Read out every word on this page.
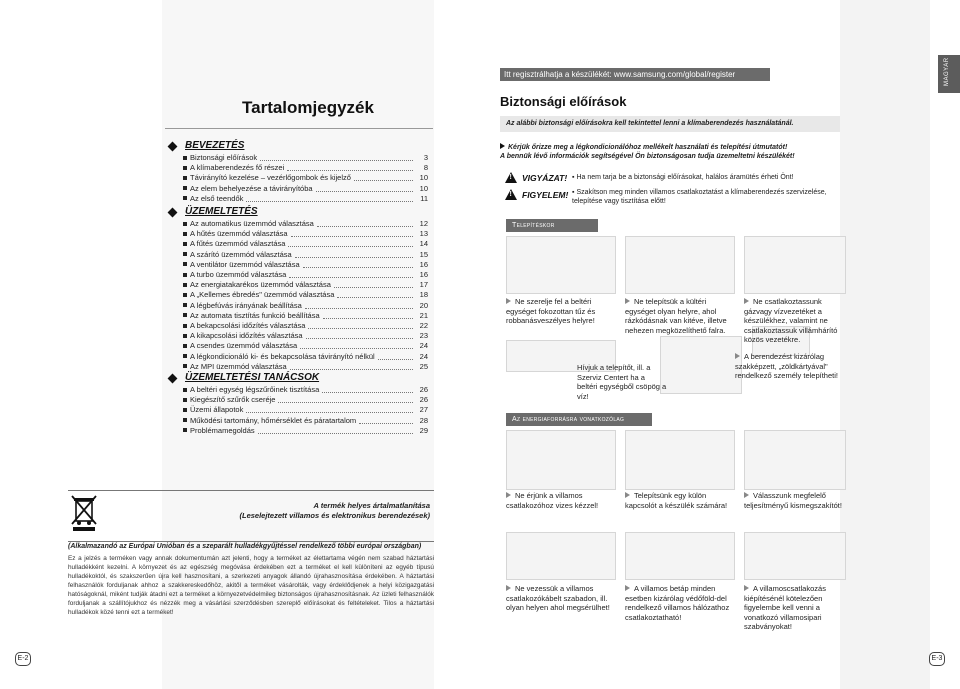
Tartalomjegyzék
BEVEZETÉS
Biztonsági előírások	3
A klímaberendezés fő részei	8
Távirányító kezelése – vezérlőgombok és kijelző	10
Az elem behelyezése a távirányítóba	10
Az első teendők	11
ÜZEMELTETÉS
Az automatikus üzemmód választása	12
A hűtés üzemmód választása	13
A fűtés üzemmód választása	14
A szárító üzemmód választása	15
A ventilátor üzemmód választása	16
A turbo üzemmód választása	16
Az energiatakarékos üzemmód választása	17
A „Kellemes ébredés" üzemmód választása	18
A légbefúvás irányának beállítása	20
Az automata tisztítás funkció beállítása	21
A bekapcsolási időzítés választása	22
A kikapcsolási időzítés választása	23
A csendes üzemmód választása	24
A légkondicionáló ki- és bekapcsolása távirányító nélkül	24
Az MPI üzemmód választása	25
ÜZEMELTETÉSI TANÁCSOK
A beltéri egység légszűrőinek tisztítása	26
Kiegészítő szűrők cseréje	26
Üzemi állapotok	27
Működési tartomány, hőmérséklet és páratartalom	28
Problémamegoldás	29
A termék helyes ártalmatlanítása
(Leselejtezett villamos és elektronikus berendezések)
(Alkalmazandó az Európai Unióban és a szeparált hulladékgyűjtéssel rendelkező többi európai országban)
Ez a jelzés a terméken vagy annak dokumentumán azt jelenti, hogy a terméket az élettartama végén nem szabad háztartási hulladékként kezelni. A környezet és az egészség megóvása érdekében ezt a terméket el kell különíteni az egyéb típusú hulladékoktól, és szakszerűen újra kell hasznosítani, a szerkezeti anyagok állandó újrahasznosítása érdekében. A háztartási felhasználók forduljanak ahhoz a szakkereskedőhöz, akitől a terméket vásárolták, vagy érdeklődjenek a helyi közigazgatási hatóságoknál, miként tudják átadni ezt a terméket a környezetvédelmileg biztonságos újrahasznosításnak. Az üzleti felhasználók forduljanak a szállítójukhoz és nézzék meg a vásárlási szerződésben szereplő előírásokat és feltételeket. Tilos a háztartási hulladékok közé tenni ezt a terméket!
Itt regisztrálhatja a készülékét: www.samsung.com/global/register
Biztonsági előírások
Az alábbi biztonsági előírásokra kell tekintettel lenni a klímaberendezés használatánál.
Kérjük őrizze meg a légkondicionálóhoz mellékelt használati és telepítési útmutatót!
A bennük lévő információk segítségével Ön biztonságosan tudja üzemeltetni készülékét!
! VIGYÁZAT! ▪ Ha nem tarja be a biztonsági előírásokat, halálos áramütés érheti Önt!
! FIGYELEM! ▪ Szakítson meg minden villamos csatlakoztatást a klímaberendezés szervizelése, telepítése vagy tisztítása előtt!
Telepítéskor
Ne szerelje fel a beltéri egységet fokozottan tűz és robbanásveszélyes helyre!
Ne telepítsük a kültéri egységet olyan helyre, ahol rázkódásnak van kitéve, illetve nehezen megközelíthető falra.
Ne csatlakoztassunk gázvagy vízvezetéket a készülékhez, valamint ne csatlakoztassuk villámhárító közös vezetékre.
Hívjuk a telepítőt, ill. a Szerviz Centert ha a beltéri egységből csöpög a víz!
A berendezést kizárólag szakképzett, „zöldkártyával" rendelkező személy telepítheti!
Az energiaforrásra vonatkozólag
Ne érjünk a villamos csatlakozóhoz vizes kézzel!
Telepítsünk egy külön kapcsolót a készülék számára!
Válasszunk megfelelő teljesítményű kismegszakítót!
Ne vezessük a villamos csatlakozókábelt szabadon, ill. olyan helyen ahol megsérülhet!
A villamos betáp minden esetben kizárólag védőföld-del rendelkező villamos hálózathoz csatlakoztatható!
A villamoscsatlakozás kiépítésénél kötelezően figyelembe kell venni a vonatkozó villamosipari szabványokat!
MAGYAR
E-2	E-3
